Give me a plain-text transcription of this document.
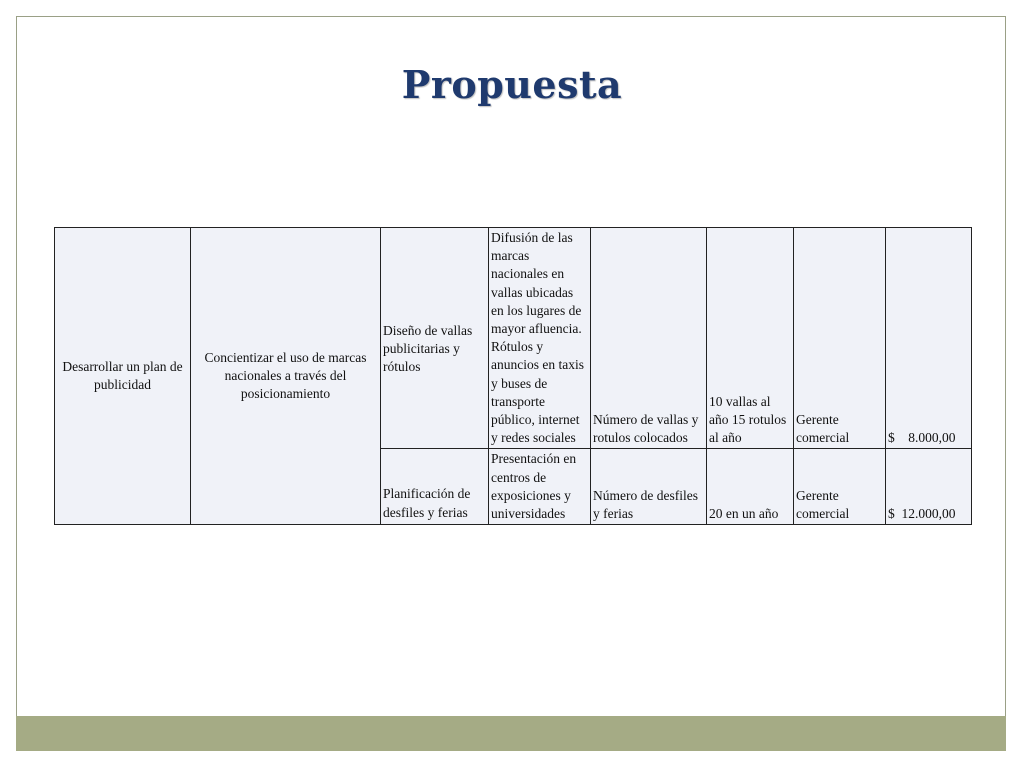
Propuesta
Desarrollar un plan de publicidad	Concientizar el uso de marcas nacionales a través del posicionamiento	Diseño de vallas publicitarias y rótulos	Difusión de las marcas nacionales en vallas ubicadas en los lugares de mayor afluencia. Rótulos y anuncios en taxis y buses de transporte público, internet y redes sociales	Número de vallas y rotulos colocados	10 vallas al año 15 rotulos al año	Gerente comercial	$    8.000,00
		Planificación de desfiles y ferias	Presentación en centros de exposiciones y universidades	Número de desfiles y ferias	20 en un año	Gerente comercial	$  12.000,00
